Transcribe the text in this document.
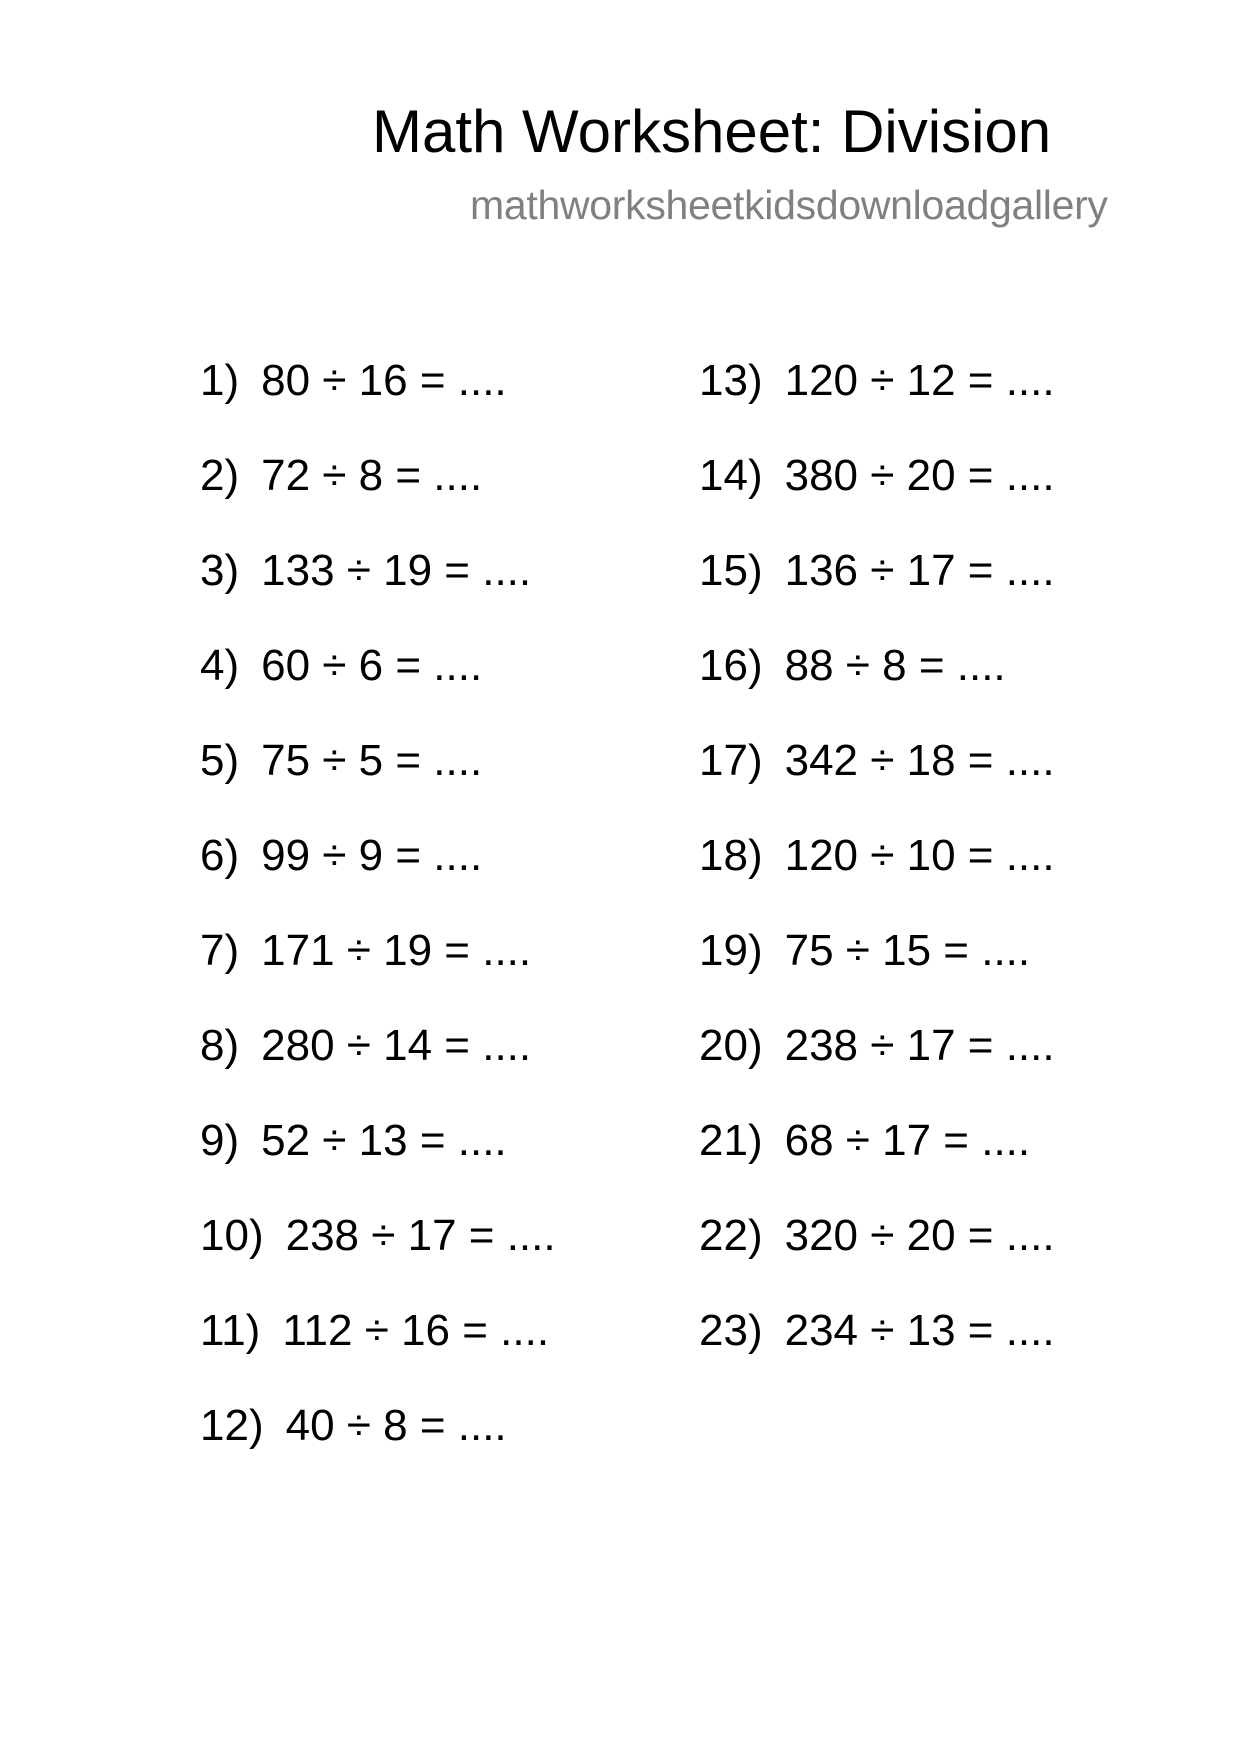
Math Worksheet: Division
mathworksheetkidsdownloadgallery
1) 80 ÷ 16 = ....
2) 72 ÷ 8 = ....
3) 133 ÷ 19 = ....
4) 60 ÷ 6 = ....
5) 75 ÷ 5 = ....
6) 99 ÷ 9 = ....
7) 171 ÷ 19 = ....
8) 280 ÷ 14 = ....
9) 52 ÷ 13 = ....
10) 238 ÷ 17 = ....
11) 112 ÷ 16 = ....
12) 40 ÷ 8 = ....
13) 120 ÷ 12 = ....
14) 380 ÷ 20 = ....
15) 136 ÷ 17 = ....
16) 88 ÷ 8 = ....
17) 342 ÷ 18 = ....
18) 120 ÷ 10 = ....
19) 75 ÷ 15 = ....
20) 238 ÷ 17 = ....
21) 68 ÷ 17 = ....
22) 320 ÷ 20 = ....
23) 234 ÷ 13 = ....
